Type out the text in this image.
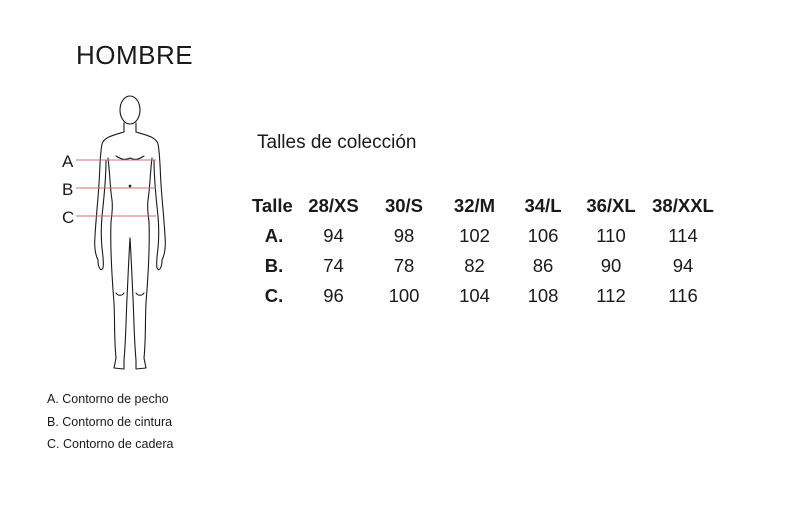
HOMBRE
A
B
C
A. Contorno de pecho
B. Contorno de cintura
C. Contorno de cadera
Talles de colección
Talle	28/XS	30/S	32/M	34/L	36/XL	38/XXL
A.	94	98	102	106	110	114
B.	74	78	82	86	90	94
C.	96	100	104	108	112	116
